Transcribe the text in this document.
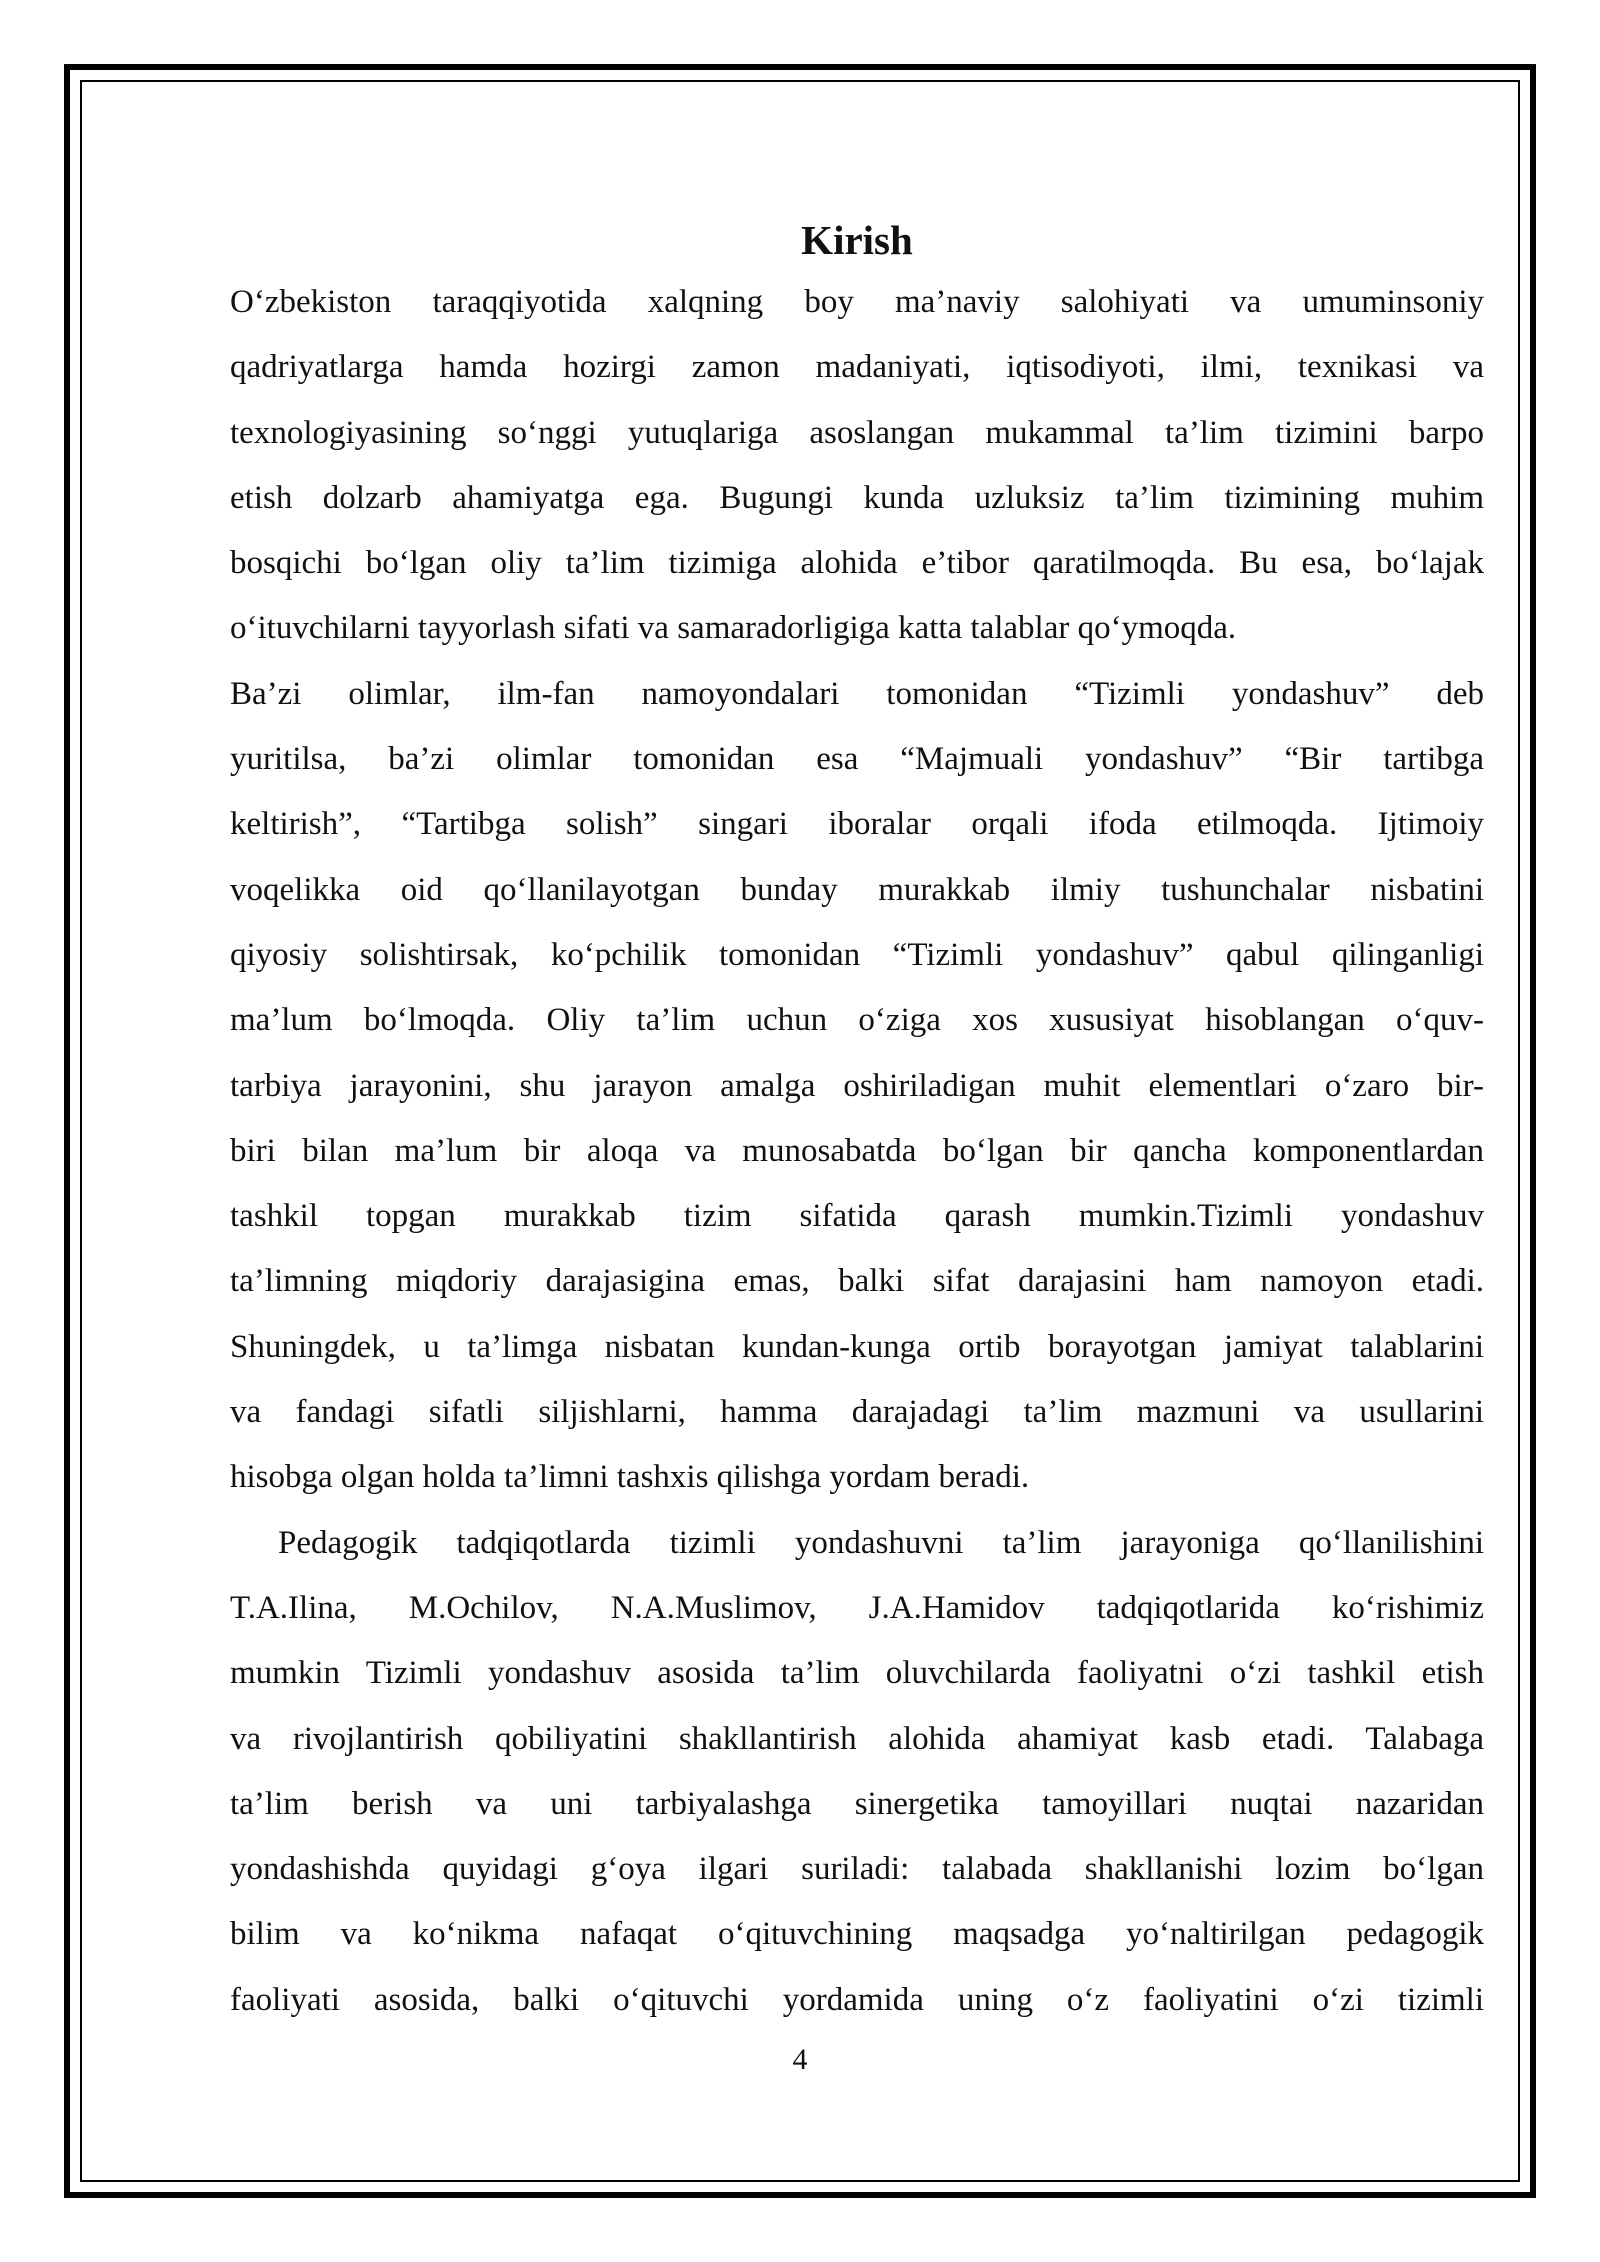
Kirish

O‘zbekiston taraqqiyotida xalqning boy ma’naviy salohiyati va umuminsoniy
qadriyatlarga hamda hozirgi zamon madaniyati, iqtisodiyoti, ilmi, texnikasi va
texnologiyasining so‘nggi yutuqlariga asoslangan mukammal ta’lim tizimini barpo
etish dolzarb ahamiyatga ega. Bugungi kunda uzluksiz ta’lim tizimining muhim
bosqichi bo‘lgan oliy ta’lim tizimiga alohida e’tibor qaratilmoqda. Bu esa, bo‘lajak
o‘ituvchilarni tayyorlash sifati va samaradorligiga katta talablar qo‘ymoqda.

Ba’zi olimlar, ilm-fan namoyondalari tomonidan “Tizimli yondashuv” deb
yuritilsa, ba’zi olimlar tomonidan esa “Majmuali yondashuv” “Bir tartibga
keltirish”, “Tartibga solish” singari iboralar orqali ifoda etilmoqda. Ijtimoiy
voqelikka oid qo‘llanilayotgan bunday murakkab ilmiy tushunchalar nisbatini
qiyosiy solishtirsak, ko‘pchilik tomonidan “Tizimli yondashuv” qabul qilinganligi
ma’lum bo‘lmoqda. Oliy ta’lim uchun o‘ziga xos xususiyat hisoblangan o‘quv-
tarbiya jarayonini, shu jarayon amalga oshiriladigan muhit elementlari o‘zaro bir-
biri bilan ma’lum bir aloqa va munosabatda bo‘lgan bir qancha komponentlardan
tashkil topgan murakkab tizim sifatida qarash mumkin.Tizimli yondashuv
ta’limning miqdoriy darajasigina emas, balki sifat darajasini ham namoyon etadi.
Shuningdek, u ta’limga nisbatan kundan-kunga ortib borayotgan jamiyat talablarini
va fandagi sifatli siljishlarni, hamma darajadagi ta’lim mazmuni va usullarini
hisobga olgan holda ta’limni tashxis qilishga yordam beradi.

Pedagogik tadqiqotlarda tizimli yondashuvni ta’lim jarayoniga qo‘llanilishini
T.A.Ilina, M.Ochilov, N.A.Muslimov, J.A.Hamidov tadqiqotlarida ko‘rishimiz
mumkin Tizimli yondashuv asosida ta’lim oluvchilarda faoliyatni o‘zi tashkil etish
va rivojlantirish qobiliyatini shakllantirish alohida ahamiyat kasb etadi. Talabaga
ta’lim berish va uni tarbiyalashga sinergetika tamoyillari nuqtai nazaridan
yondashishda quyidagi g‘oya ilgari suriladi: talabada shakllanishi lozim bo‘lgan
bilim va ko‘nikma nafaqat o‘qituvchining maqsadga yo‘naltirilgan pedagogik
faoliyati asosida, balki o‘qituvchi yordamida uning o‘z faoliyatini o‘zi tizimli

4
